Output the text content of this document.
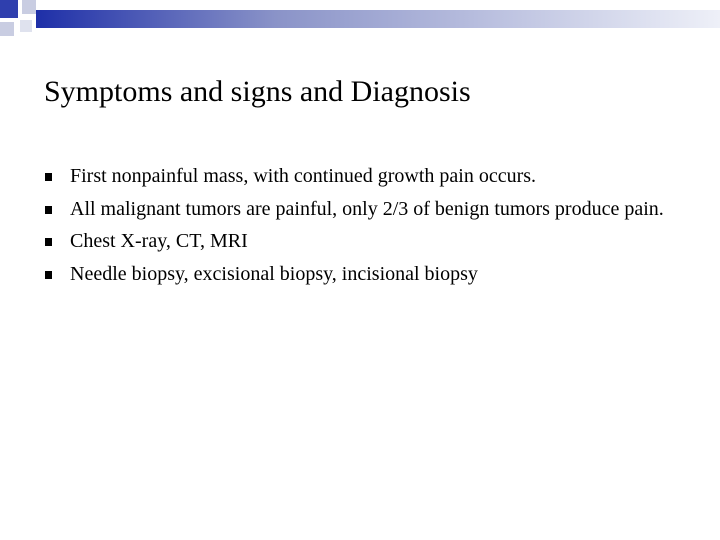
Symptoms and signs and Diagnosis
First nonpainful mass, with continued growth pain occurs.
All malignant tumors are painful, only 2/3 of benign tumors produce pain.
Chest X-ray, CT, MRI
Needle biopsy, excisional biopsy, incisional biopsy
